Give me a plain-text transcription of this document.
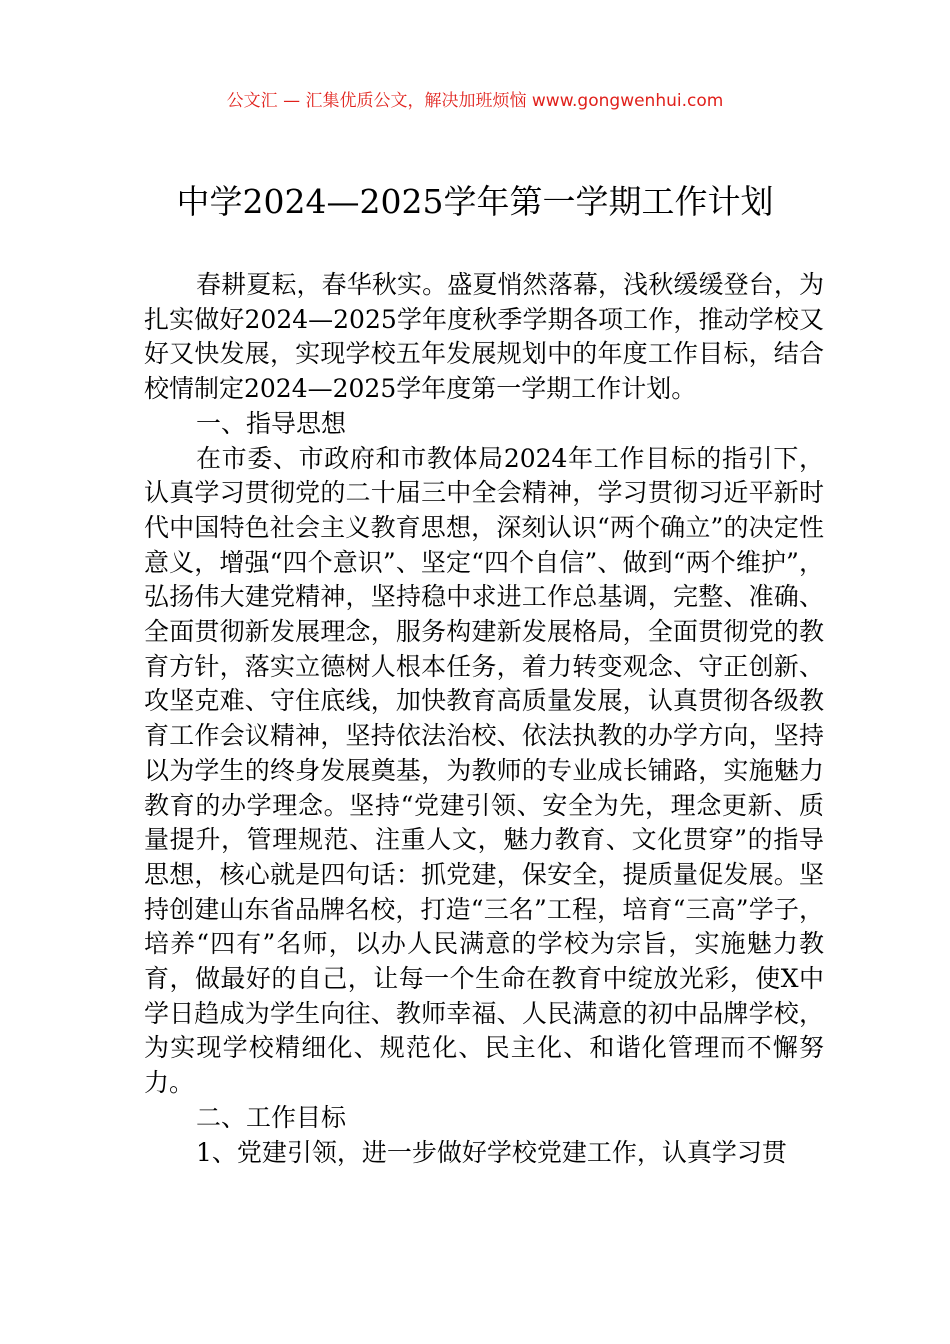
公文汇 — 汇集优质公文，解决加班烦恼 www.gongwenhui.com
中学2024—2025学年第一学期工作计划

春耕夏耘，春华秋实。盛夏悄然落幕，浅秋缓缓登台，为扎实做好2024—2025学年度秋季学期各项工作，推动学校又好又快发展，实现学校五年发展规划中的年度工作目标，结合校情制定2024—2025学年度第一学期工作计划。

一、指导思想

在市委、市政府和市教体局2024年工作目标的指引下，认真学习贯彻党的二十届三中全会精神，学习贯彻习近平新时代中国特色社会主义教育思想，深刻认识“两个确立”的决定性意义，增强“四个意识”、坚定“四个自信”、做到“两个维护”，弘扬伟大建党精神，坚持稳中求进工作总基调，完整、准确、全面贯彻新发展理念，服务构建新发展格局，全面贯彻党的教育方针，落实立德树人根本任务，着力转变观念、守正创新、攻坚克难、守住底线，加快教育高质量发展，认真贯彻各级教育工作会议精神，坚持依法治校、依法执教的办学方向，坚持以为学生的终身发展奠基，为教师的专业成长铺路，实施魅力教育的办学理念。坚持“党建引领、安全为先，理念更新、质量提升，管理规范、注重人文，魅力教育、文化贯穿”的指导思想，核心就是四句话：抓党建，保安全，提质量促发展。坚持创建山东省品牌名校，打造“三名”工程，培育“三高”学子，培养“四有”名师，以办人民满意的学校为宗旨，实施魅力教育，做最好的自己，让每一个生命在教育中绽放光彩，使X中学日趋成为学生向往、教师幸福、人民满意的初中品牌学校，为实现学校精细化、规范化、民主化、和谐化管理而不懈努力。

二、工作目标

1、党建引领，进一步做好学校党建工作，认真学习贯
